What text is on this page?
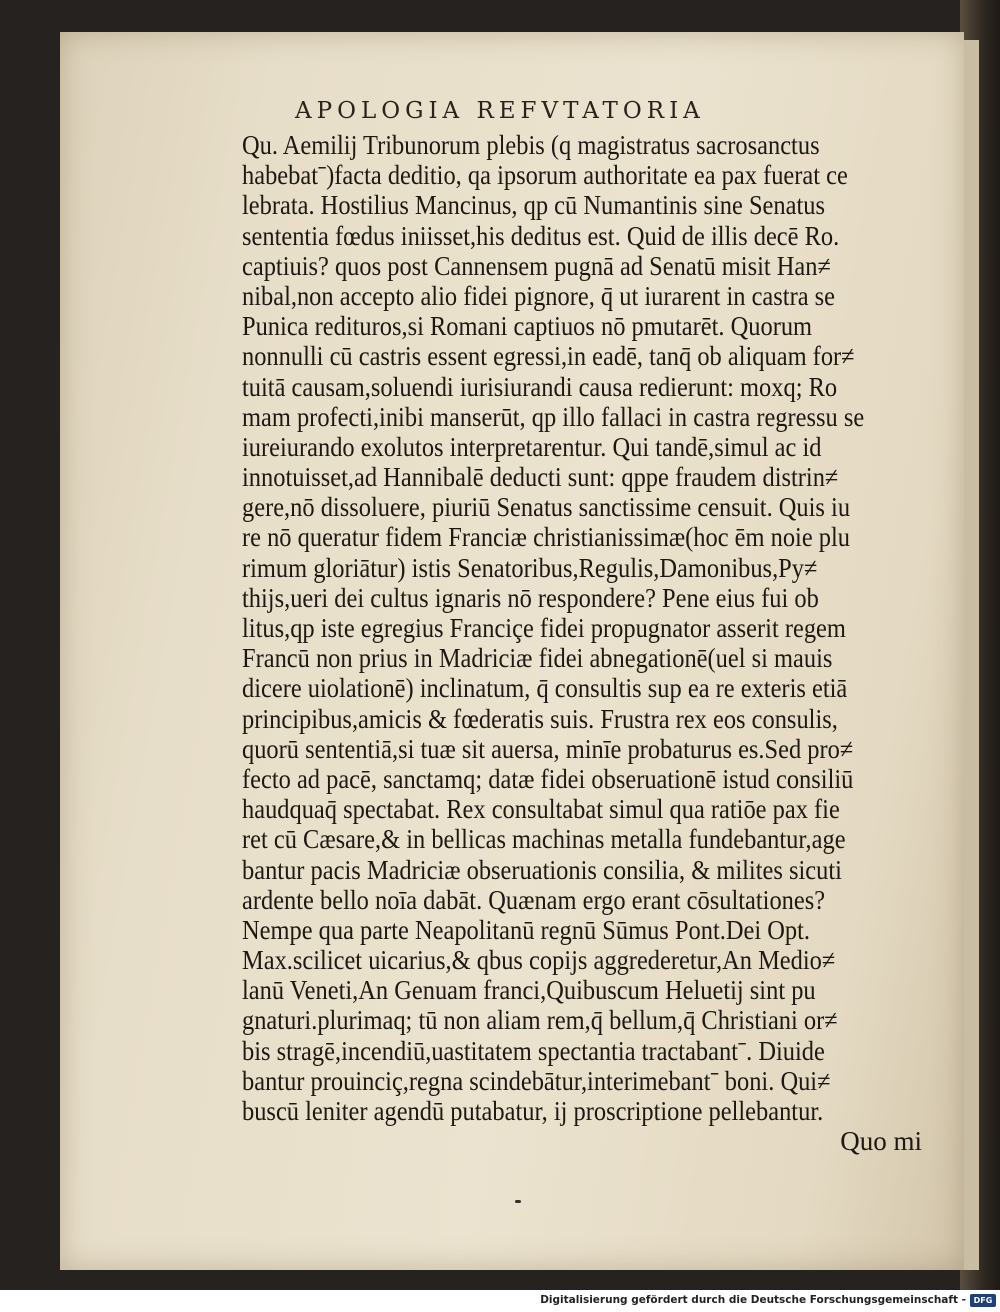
APOLOGIA REFVTATORIA
Qu. Aemilij Tribunorum plebis (q magistratus sacrosanctus
habebatˉ)facta deditio, qa ipsorum authoritate ea pax fuerat ce
lebrata. Hostilius Mancinus, qp cū Numantinis sine Senatus
sententia fœdus iniisset,his deditus est. Quid de illis decē Ro.
captiuis? quos post Cannensem pugnā ad Senatū misit Han≠
nibal,non accepto alio fidei pignore, q̄ ut iurarent in castra se
Punica redituros,si Romani captiuos nō pmutarēt. Quorum
nonnulli cū castris essent egressi,in eadē, tanq̄ ob aliquam for≠
tuitā causam,soluendi iurisiurandi causa redierunt: moxq; Ro
mam profecti,inibi manserūt, qp illo fallaci in castra regressu se
iureiurando exolutos interpretarentur. Qui tandē,simul ac id
innotuisset,ad Hannibalē deducti sunt: qppe fraudem distrin≠
gere,nō dissoluere, piuriū Senatus sanctissime censuit. Quis iu
re nō queratur fidem Franciæ christianissimæ(hoc ēm noie plu
rimum gloriātur) istis Senatoribus,Regulis,Damonibus,Py≠
thijs,ueri dei cultus ignaris nō respondere? Pene eius fui ob
litus,qp iste egregius Franciçe fidei propugnator asserit regem
Francū non prius in Madriciæ fidei abnegationē(uel si mauis
dicere uiolationē) inclinatum, q̄ consultis sup ea re exteris etiā
principibus,amicis & fœderatis suis. Frustra rex eos consulis,
quorū sententiā,si tuæ sit auersa, minīe probaturus es.Sed pro≠
fecto ad pacē, sanctamq; datæ fidei obseruationē istud consiliū
haudquaq̄ spectabat. Rex consultabat simul qua ratiōe pax fie
ret cū Cæsare,& in bellicas machinas metalla fundebantur,age
bantur pacis Madriciæ obseruationis consilia, & milites sicuti
ardente bello noīa dabāt. Quænam ergo erant cōsultationes?
Nempe qua parte Neapolitanū regnū Sūmus Pont.Dei Opt.
Max.scilicet uicarius,& qbus copijs aggrederetur,An Medio≠
lanū Veneti,An Genuam franci,Quibuscum Heluetij sint pu
gnaturi.plurimaq; tū non aliam rem,q̄ bellum,q̄ Christiani or≠
bis stragē,incendiū,uastitatem spectantia tractabantˉ. Diuide
bantur prouinciç,regna scindebātur,interimebantˉ boni. Qui≠
buscū leniter agendū putabatur, ij proscriptione pellebantur.
Quo mi
Digitalisierung gefördert durch die Deutsche Forschungsgemeinschaft - DFG
